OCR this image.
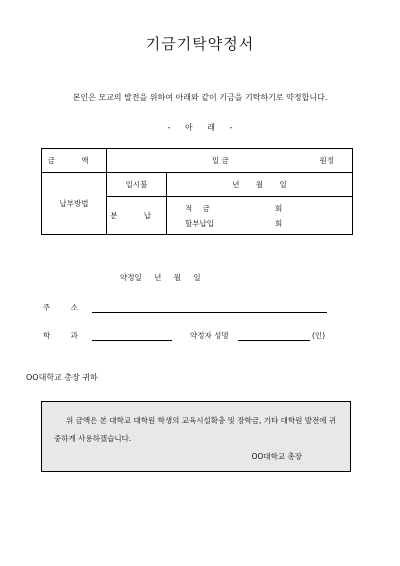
기금기탁약정서
본인은 모교의 발전을 위하여 아래와 같이 기금을 기탁하기로 약정합니다.
- 아 래 -
금 액	일 금 원정	

납부방법	일시불	년 월 일
	분 납	적 금 회
할부납입 회
약정일 년 월 일
주 소
학 과	약정자 성명	(인)
OO대학교 총장 귀하
위 금액은 본 대학교 대학원 학생의 교육시설확충 및 장학금, 기타 대학원 발전에 귀중하게 사용하겠습니다.
OO대학교 총장
